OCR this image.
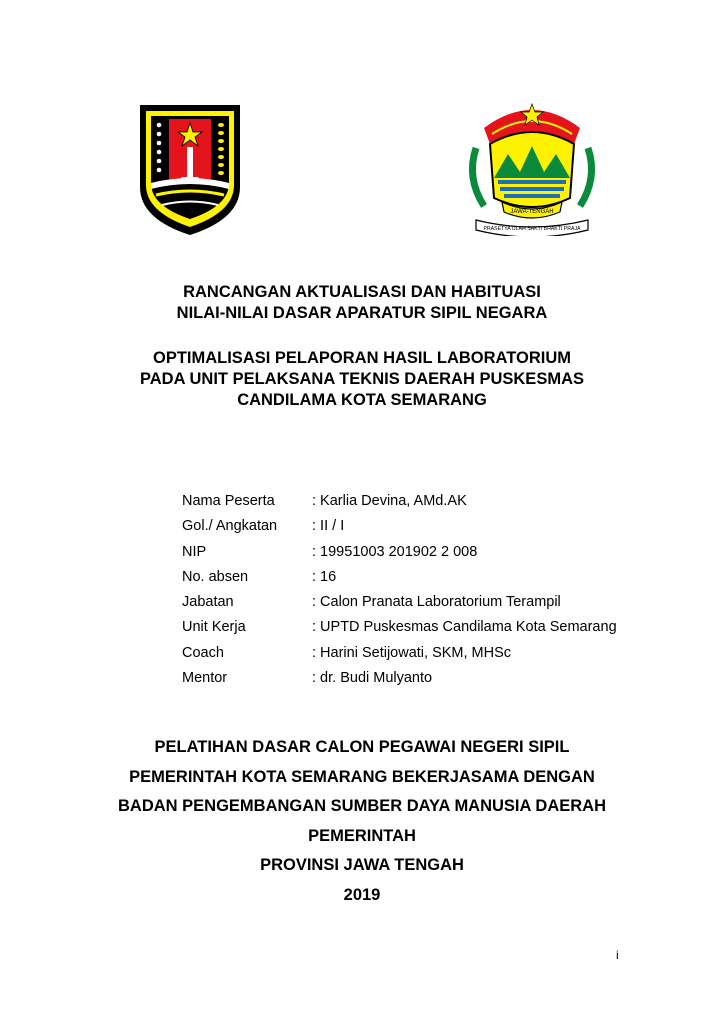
JAWA-TENGAH
PRASETYA ULAH SAKTI BHAKTI PRAJA
RANCANGAN AKTUALISASI DAN HABITUASI
NILAI-NILAI DASAR APARATUR SIPIL NEGARA
OPTIMALISASI PELAPORAN HASIL LABORATORIUM
PADA UNIT PELAKSANA TEKNIS DAERAH PUSKESMAS
CANDILAMA KOTA SEMARANG
Nama Peserta	: Karlia Devina, AMd.AK
Gol./ Angkatan : II / I
NIP	: 19951003 201902 2 008
No. absen	: 16
Jabatan	: Calon Pranata Laboratorium Terampil
Unit Kerja	: UPTD Puskesmas Candilama Kota Semarang
Coach	: Harini Setijowati, SKM, MHSc
Mentor	: dr. Budi Mulyanto
PELATIHAN DASAR CALON PEGAWAI NEGERI SIPIL
PEMERINTAH KOTA SEMARANG BEKERJASAMA DENGAN
BADAN PENGEMBANGAN SUMBER DAYA MANUSIA DAERAH
PEMERINTAH
PROVINSI JAWA TENGAH
2019
i
